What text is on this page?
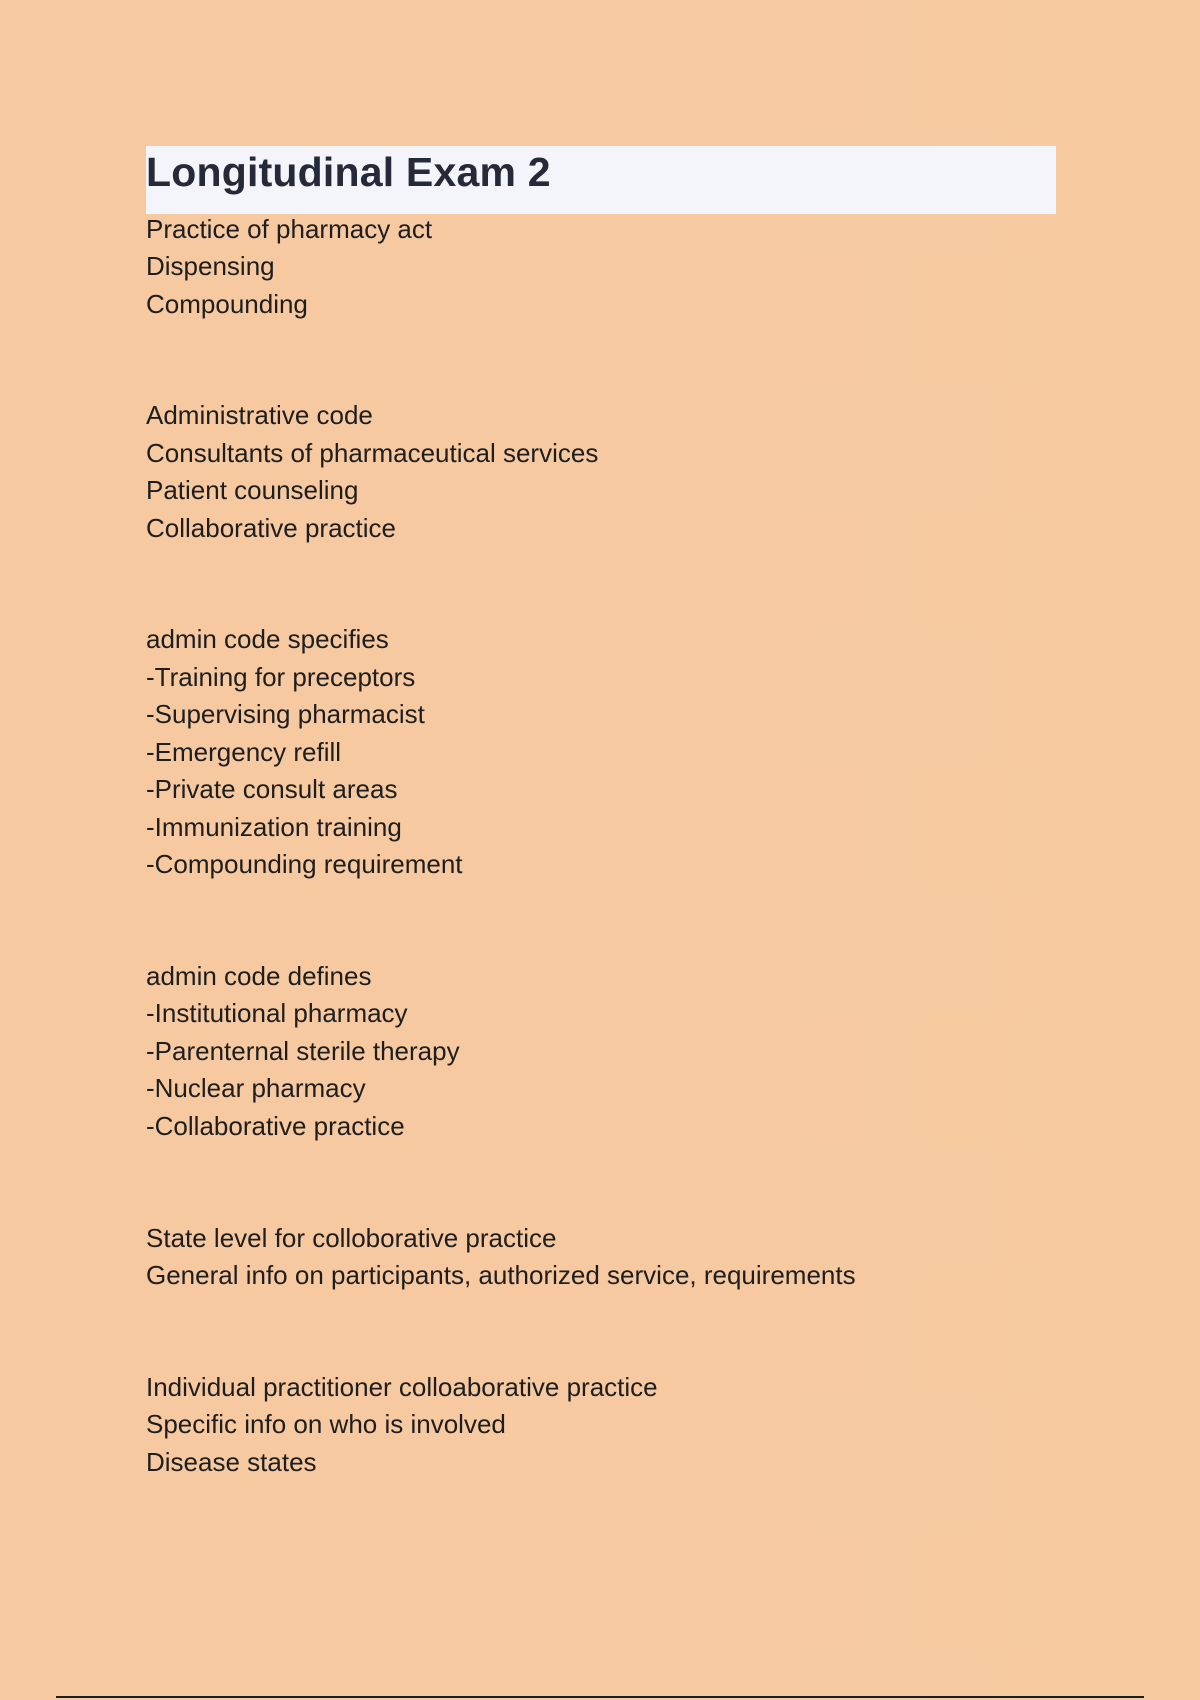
Longitudinal Exam 2

Practice of pharmacy act

Dispensing

Compounding

Administrative code

Consultants of pharmaceutical services

Patient counseling

Collaborative practice

admin code specifies

-Training for preceptors

-Supervising pharmacist

-Emergency refill

-Private consult areas

-Immunization training

-Compounding requirement

admin code defines

-Institutional pharmacy

-Parenternal sterile therapy

-Nuclear pharmacy

-Collaborative practice

State level for colloborative practice

General info on participants, authorized service, requirements

Individual practitioner colloaborative practice

Specific info on who is involved

Disease states
